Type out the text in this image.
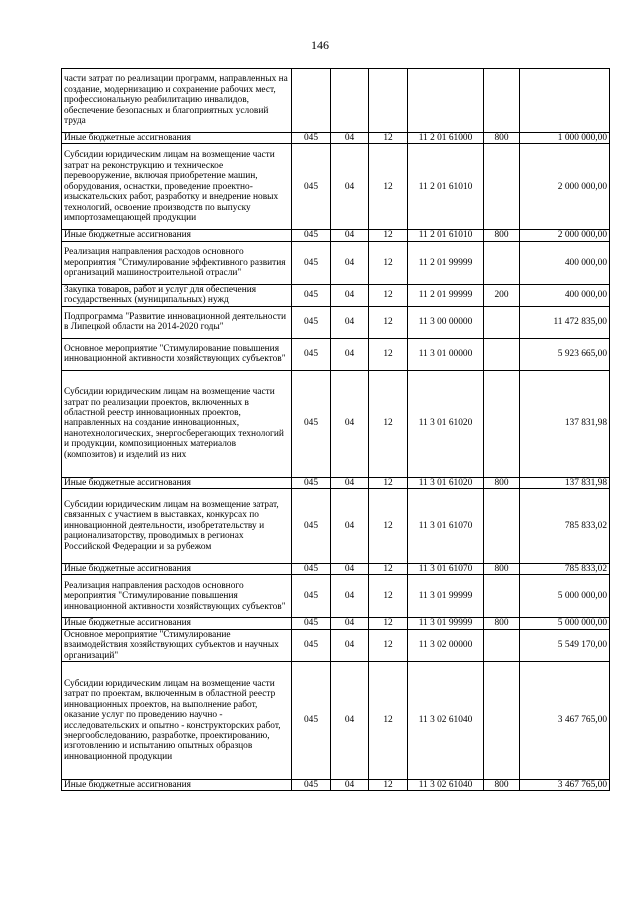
146
части затрат по реализации программ, направленных на создание, модернизацию и сохранение рабочих мест, профессиональную реабилитацию инвалидов, обеспечение безопасных и благоприятных условий труда						
Иные бюджетные ассигнования	045	04	12	11 2 01 61000	800	1 000 000,00
Субсидии юридическим лицам на возмещение части затрат на реконструкцию и техническое перевооружение, включая приобретение машин, оборудования, оснастки, проведение проектно-изыскательских работ, разработку и внедрение новых технологий, освоение производств по выпуску импортозамещающей продукции	045	04	12	11 2 01 61010		2 000 000,00
Иные бюджетные ассигнования	045	04	12	11 2 01 61010	800	2 000 000,00
Реализация направления расходов основного мероприятия "Стимулирование эффективного развития организаций машиностроительной отрасли"	045	04	12	11 2 01 99999		400 000,00
Закупка товаров, работ и услуг для обеспечения государственных (муниципальных) нужд	045	04	12	11 2 01 99999	200	400 000,00
Подпрограмма "Развитие инновационной деятельности в Липецкой области на 2014-2020 годы"	045	04	12	11 3 00 00000		11 472 835,00
Основное мероприятие "Стимулирование повышения инновационной активности хозяйствующих субъектов"	045	04	12	11 3 01 00000		5 923 665,00
Субсидии юридическим лицам на возмещение части затрат по реализации проектов, включенных в областной реестр инновационных проектов, направленных на создание инновационных, нанотехнологических, энергосберегающих технологий и продукции, композиционных материалов (композитов) и изделий из них	045	04	12	11 3 01 61020		137 831,98
Иные бюджетные ассигнования	045	04	12	11 3 01 61020	800	137 831,98
Субсидии юридическим лицам на возмещение затрат, связанных с участием в выставках, конкурсах по инновационной деятельности, изобретательству и рационализаторству, проводимых в регионах Российской Федерации и за рубежом	045	04	12	11 3 01 61070		785 833,02
Иные бюджетные ассигнования	045	04	12	11 3 01 61070	800	785 833,02
Реализация направления расходов основного мероприятия "Стимулирование повышения инновационной активности хозяйствующих субъектов"	045	04	12	11 3 01 99999		5 000 000,00
Иные бюджетные ассигнования	045	04	12	11 3 01 99999	800	5 000 000,00
Основное мероприятие "Стимулирование взаимодействия хозяйствующих субъектов и научных организаций"	045	04	12	11 3 02 00000		5 549 170,00
Субсидии юридическим лицам на возмещение части затрат по проектам, включенным в областной реестр инновационных проектов, на выполнение работ, оказание услуг по проведению научно - исследовательских и опытно - конструкторских работ, энергообследованию, разработке, проектированию, изготовлению и испытанию опытных образцов инновационной продукции	045	04	12	11 3 02 61040		3 467 765,00
Иные бюджетные ассигнования	045	04	12	11 3 02 61040	800	3 467 765,00
